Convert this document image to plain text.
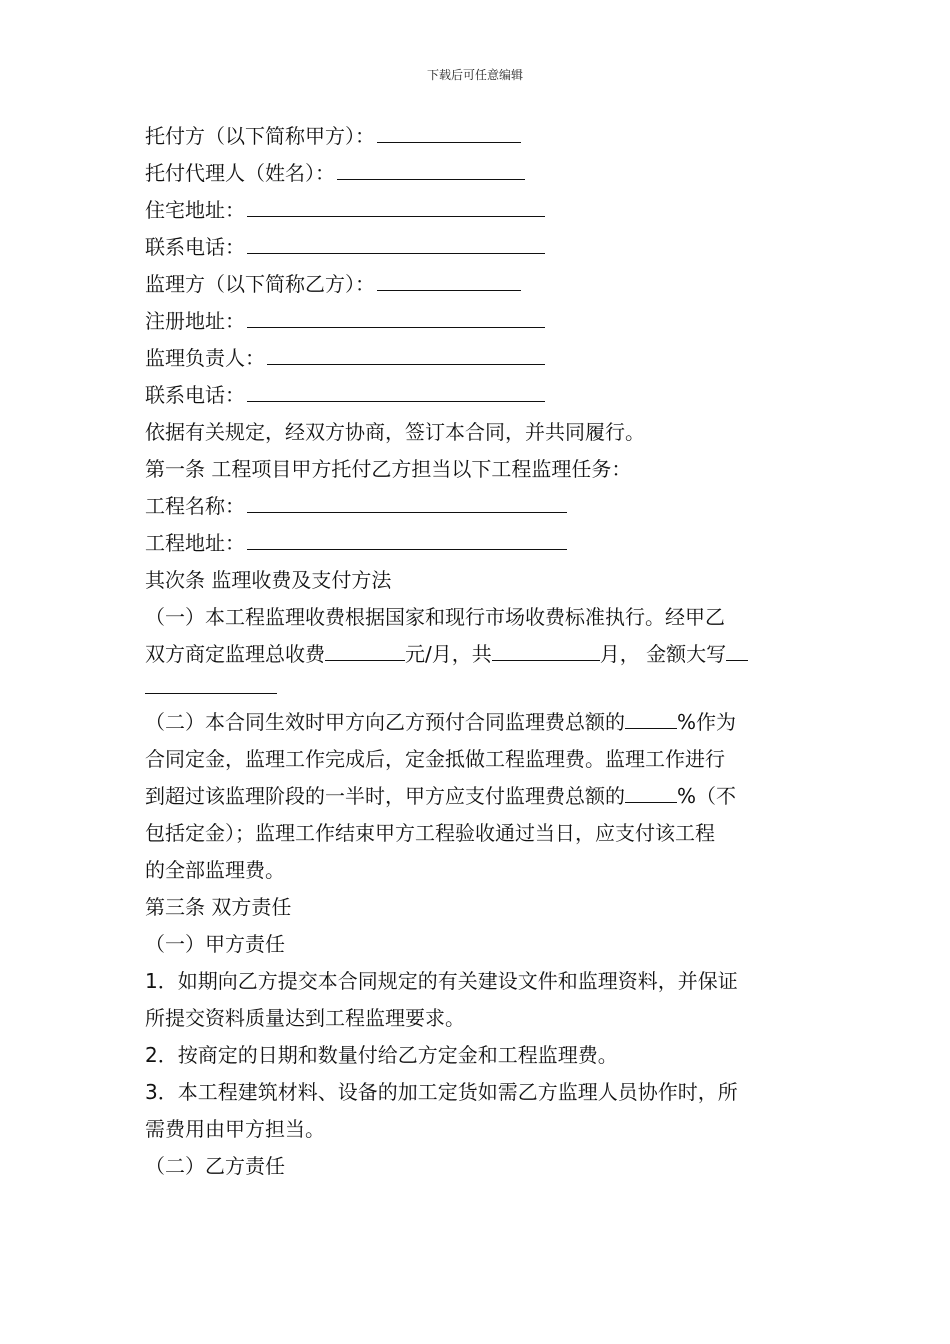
下载后可任意编辑
托付方（以下简称甲方）：
托付代理人（姓名）：
住宅地址：
联系电话：
监理方（以下简称乙方）：
注册地址：
监理负责人：
联系电话：
依据有关规定，经双方协商，签订本合同，并共同履行。
第一条 工程项目甲方托付乙方担当以下工程监理任务：
工程名称：
工程地址：
其次条 监理收费及支付方法
（一）本工程监理收费根据国家和现行市场收费标准执行。经甲乙
双方商定监理总收费	元/月，共	月， 金额大写
（二）本合同生效时甲方向乙方预付合同监理费总额的	%作为
合同定金，监理工作完成后，定金抵做工程监理费。监理工作进行
到超过该监理阶段的一半时，甲方应支付监理费总额的	%（不
包括定金）；监理工作结束甲方工程验收通过当日，应支付该工程
的全部监理费。
第三条 双方责任
（一）甲方责任
1．如期向乙方提交本合同规定的有关建设文件和监理资料，并保证
所提交资料质量达到工程监理要求。
2．按商定的日期和数量付给乙方定金和工程监理费。
3．本工程建筑材料、设备的加工定货如需乙方监理人员协作时，所
需费用由甲方担当。
（二）乙方责任
